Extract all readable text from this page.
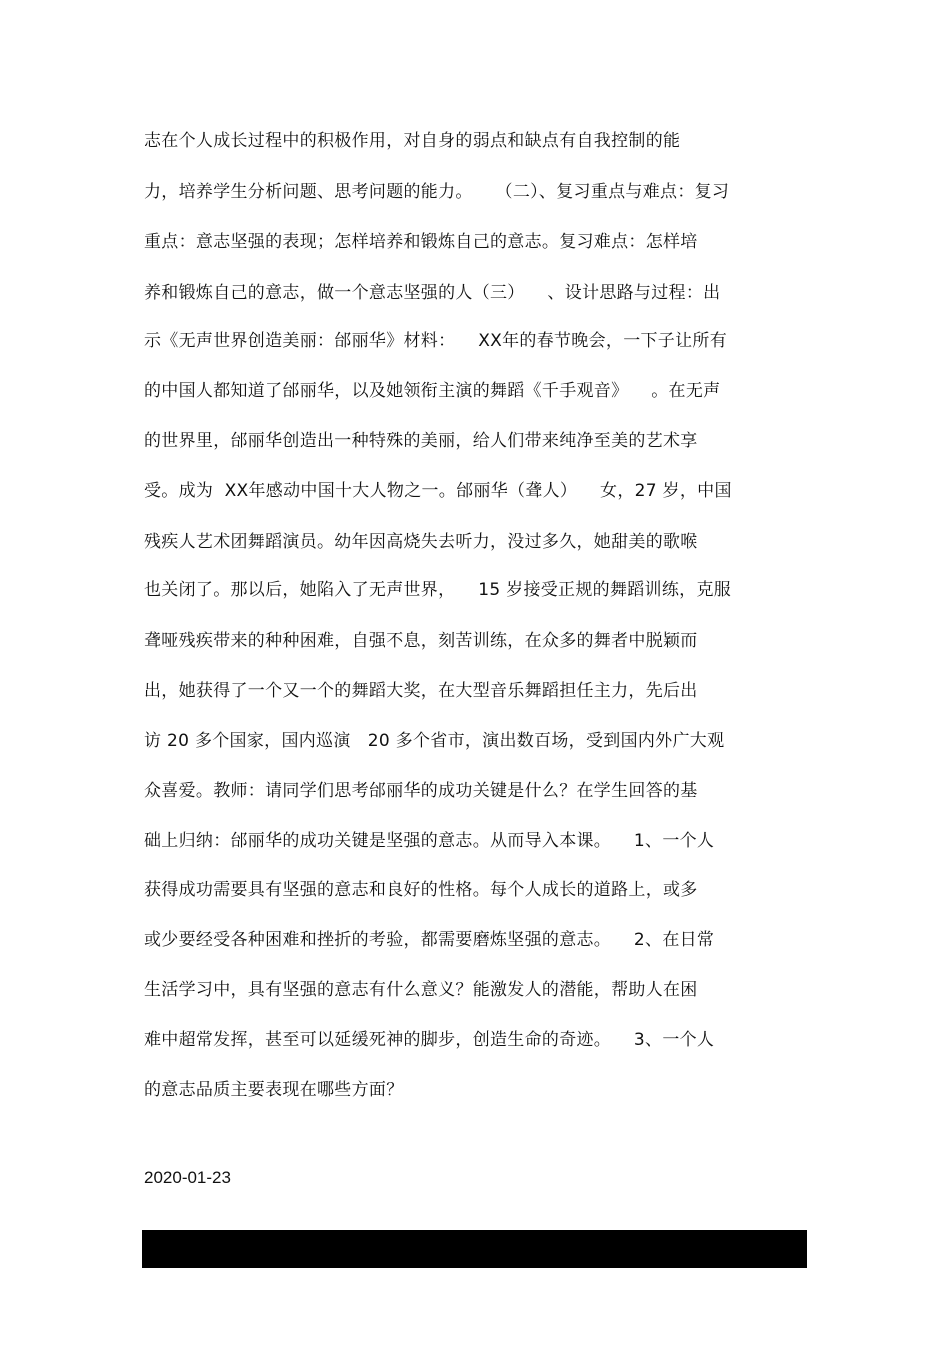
志在个人成长过程中的积极作用，对自身的弱点和缺点有自我控制的能
力，培养学生分析问题、思考问题的能力。    （二）、复习重点与难点：复习
重点：意志坚强的表现；怎样培养和锻炼自己的意志。复习难点：怎样培
养和锻炼自己的意志，做一个意志坚强的人（三）    、设计思路与过程：出
示《无声世界创造美丽：邰丽华》材料：    XX年的春节晚会，一下子让所有
的中国人都知道了邰丽华，以及她领衔主演的舞蹈《千手观音》    。在无声
的世界里，邰丽华创造出一种特殊的美丽，给人们带来纯净至美的艺术享
受。成为  XX年感动中国十大人物之一。邰丽华（聋人）    女，27 岁，中国
残疾人艺术团舞蹈演员。幼年因高烧失去听力，没过多久，她甜美的歌喉
也关闭了。那以后，她陷入了无声世界，    15 岁接受正规的舞蹈训练，克服
聋哑残疾带来的种种困难，自强不息，刻苦训练，在众多的舞者中脱颖而
出，她获得了一个又一个的舞蹈大奖，在大型音乐舞蹈担任主力，先后出
访 20 多个国家，国内巡演   20 多个省市，演出数百场，受到国内外广大观
众喜爱。教师：请同学们思考邰丽华的成功关键是什么？在学生回答的基
础上归纳：邰丽华的成功关键是坚强的意志。从而导入本课。    1、一个人
获得成功需要具有坚强的意志和良好的性格。每个人成长的道路上，或多
或少要经受各种困难和挫折的考验，都需要磨炼坚强的意志。    2、在日常
生活学习中，具有坚强的意志有什么意义？能激发人的潜能，帮助人在困
难中超常发挥，甚至可以延缓死神的脚步，创造生命的奇迹。    3、一个人
的意志品质主要表现在哪些方面？
2020-01-23
